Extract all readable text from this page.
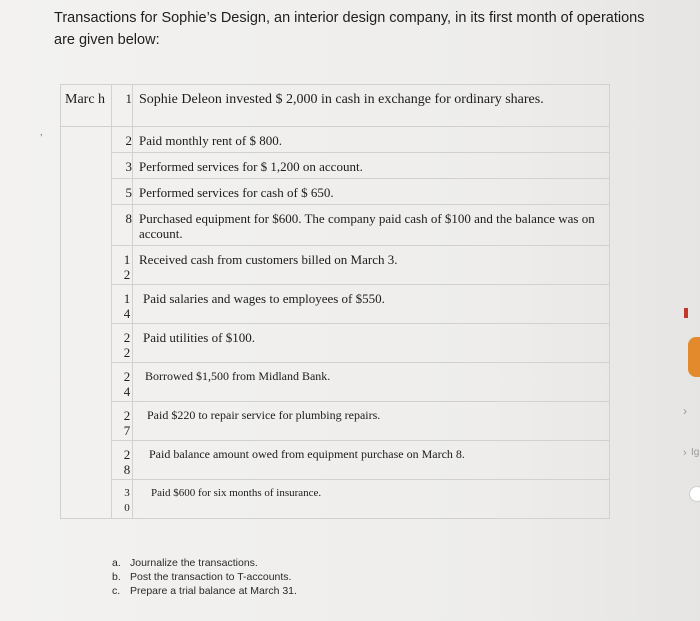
Transactions for Sophie’s Design, an interior design company, in its first month of operations are given below:
,
Marc h	1	Sophie Deleon invested $ 2,000 in cash in exchange for ordinary shares.
	2	Paid monthly rent of $ 800.
	3	Performed services for $ 1,200 on account.
	5	Performed services for cash of $ 650.
	8	Purchased equipment for $600. The company paid cash of $100 and the balance was on account.
	12	Received cash from customers billed on March 3.
	14	Paid salaries and wages to employees of $550.
	22	Paid utilities of $100.
	24	Borrowed $1,500 from Midland Bank.
	27	Paid $220 to repair service for plumbing repairs.
	28	Paid balance amount owed from equipment purchase on March 8.
	30	Paid $600 for six months of insurance.
a. Journalize the transactions.
b. Post the transaction to T-accounts.
c. Prepare a trial balance at March 31.
›
› Ig
